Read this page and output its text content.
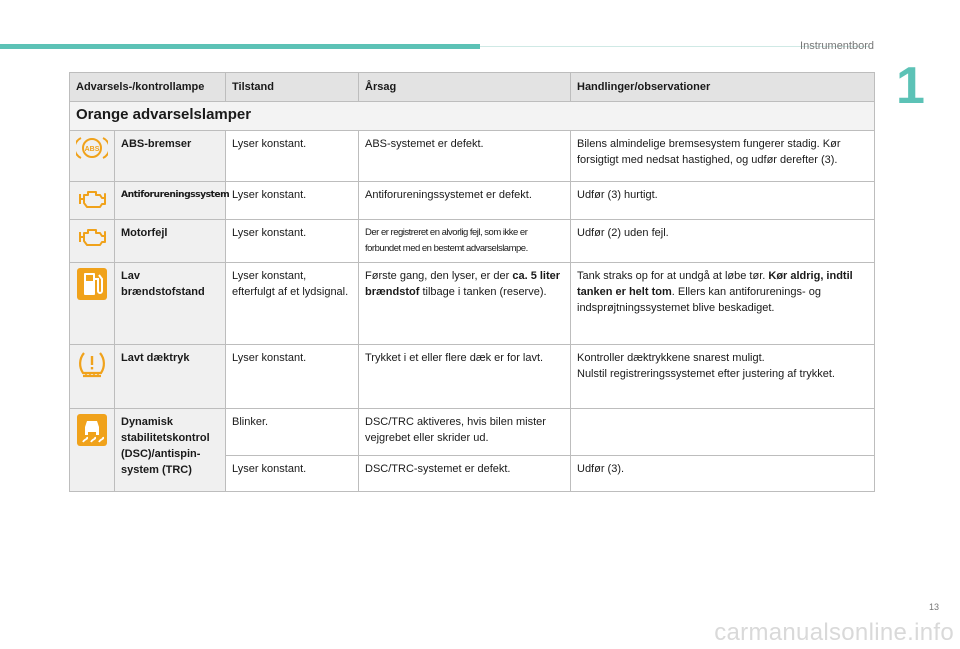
Instrumentbord
1
Advarsels-/kontrollampe		Tilstand	Årsag	Handlinger/observationer
Orange advarselslamper				

ABS	ABS-bremser	Lyser konstant.	ABS-systemet er defekt.	Bilens almindelige bremsesystem fungerer stadig. Kør forsigtigt med nedsat hastighed, og udfør derefter (3).

	Antiforureningssystem	Lyser konstant.	Antiforureningssystemet er defekt.	Udfør (3) hurtigt.

	Motorfejl	Lyser konstant.	Der er registreret en alvorlig fejl, som ikke er forbundet med en bestemt advarselslampe.	Udfør (2) uden fejl.

	Lav brændstofstand	Lyser konstant, efterfulgt af et lydsignal.	Første gang, den lyser, er der ca. 5 liter brændstof tilbage i tanken (reserve).	Tank straks op for at undgå at løbe tør. Kør aldrig, indtil tanken er helt tom. Ellers kan antiforurenings- og indsprøjtningssystemet blive beskadiget.

	Lavt dæktryk	Lyser konstant.	Trykket i et eller flere dæk er for lavt.	Kontroller dæktrykkene snarest muligt.
Nulstil registreringssystemet efter justering af trykket.

	Dynamisk stabilitetskontrol (DSC)/antispin-system (TRC)	Blinker.	DSC/TRC aktiveres, hvis bilen mister vejgrebet eller skrider ud.	
		Lyser konstant.	DSC/TRC-systemet er defekt.	Udfør (3).
13
carmanualsonline.info
